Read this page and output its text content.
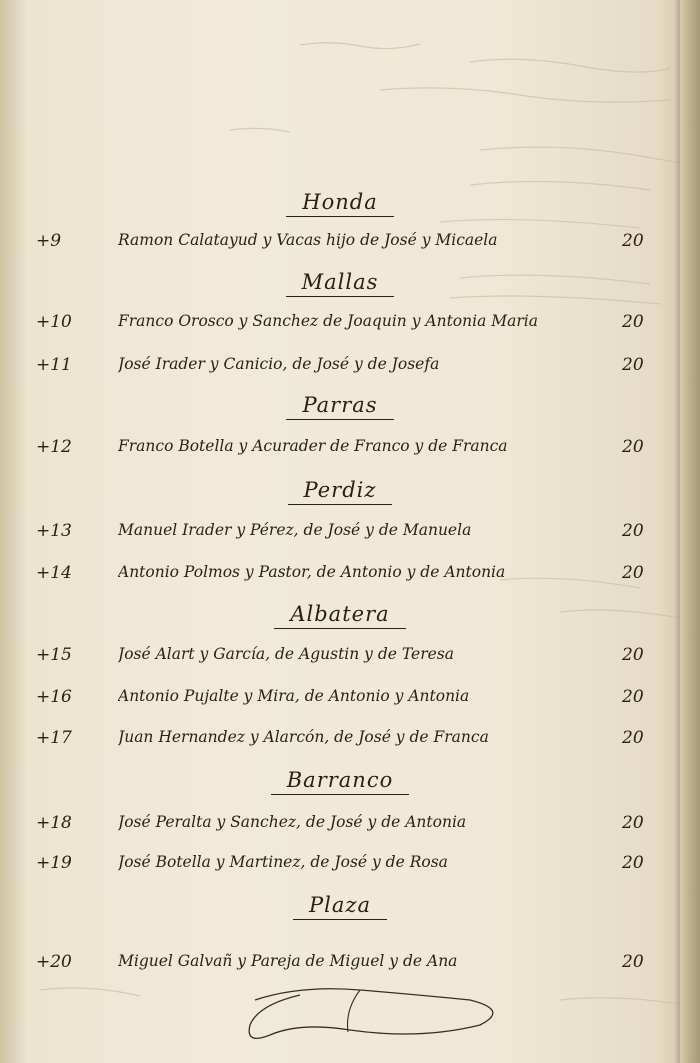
Honda
+9	Ramon Calatayud y Vacas hijo de José y Micaela	20
Mallas
+10	Franco Orosco y Sanchez de Joaquin y Antonia Maria	20
+11	José Irader y Canicio, de José y de Josefa	20
Parras
+12	Franco Botella y Acurader de Franco y de Franca	20
Perdiz
+13	Manuel Irader y Pérez, de José y de Manuela	20
+14	Antonio Polmos y Pastor, de Antonio y de Antonia	20
Albatera
+15	José Alart y García, de Agustin y de Teresa	20
+16	Antonio Pujalte y Mira, de Antonio y Antonia	20
+17	Juan Hernandez y Alarcón, de José y de Franca	20
Barranco
+18	José Peralta y Sanchez, de José y de Antonia	20
+19	José Botella y Martinez, de José y de Rosa	20
Plaza
+20	Miguel Galvañ y Pareja de Miguel y de Ana	20
